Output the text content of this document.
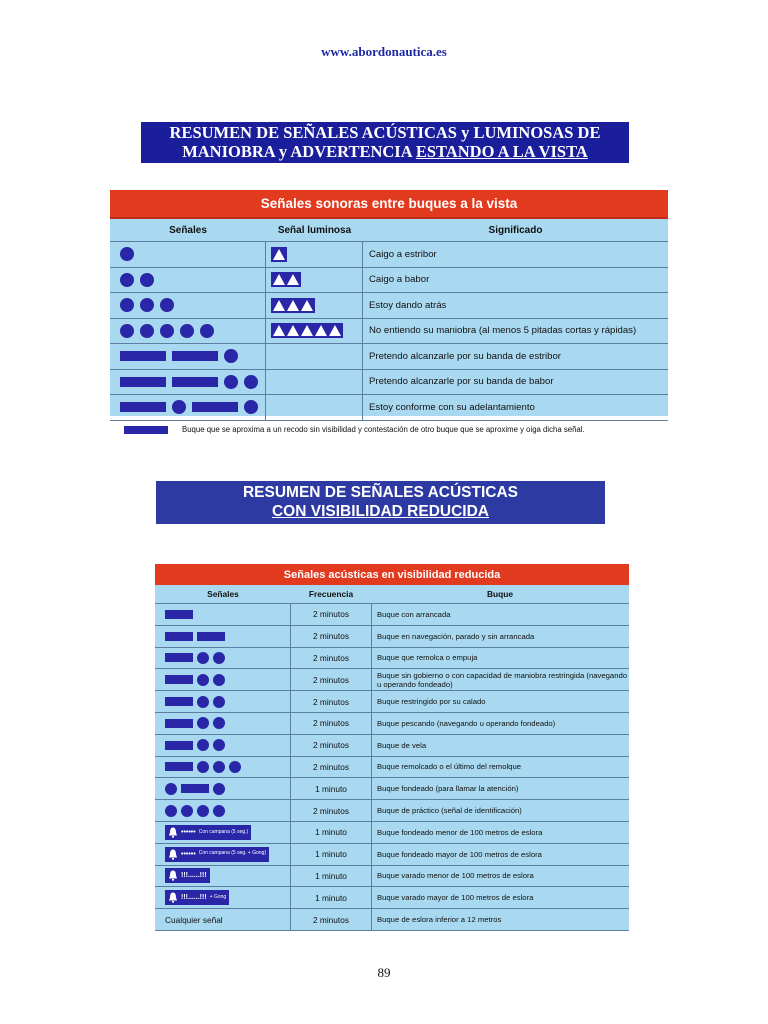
www.abordonautica.es
RESUMEN DE SEÑALES ACÚSTICAS y LUMINOSAS DE
MANIOBRA y ADVERTENCIA ESTANDO A LA VISTA
Señales sonoras entre buques a la vista
Señales	Señal luminosa	Significado
Caigo a estribor
Caigo a babor
Estoy dando atrás
No entiendo su maniobra (al menos 5 pitadas cortas y rápidas)
Pretendo alcanzarle por su banda de estribor
Pretendo alcanzarle por su banda de babor
Estoy conforme con su adelantamiento
Buque que se aproxima a un recodo sin visibilidad y contestación de otro buque que se aproxime y oiga dicha señal.
RESUMEN DE SEÑALES ACÚSTICAS
CON VISIBILIDAD REDUCIDA
Señales acústicas en visibilidad reducida
Señales	Frecuencia	Buque
2 minutos	Buque con arrancada
2 minutos	Buque en navegación, parado y sin arrancada
2 minutos	Buque que remolca o empuja
2 minutos	Buque sin gobierno o con capacidad de maniobra restringida (navegando u operando fondeado)
2 minutos	Buque restringido por su calado
2 minutos	Buque pescando (navegando u operando fondeado)
2 minutos	Buque de vela
2 minutos	Buque remolcado o el último del remolque
1 minuto	Buque fondeado (para llamar la atención)
2 minutos	Buque de práctico (señal de identificación)
•••••• Con campana (5 seg.)	1 minuto	Buque fondeado menor de 100 metros de eslora
•••••• Con campana (5 seg. + Gong)	1 minuto	Buque fondeado mayor de 100 metros de eslora
!!!......!!!	1 minuto	Buque varado menor de 100 metros de eslora
!!!......!!! + Gong	1 minuto	Buque varado mayor de 100 metros de eslora
Cualquier señal	2 minutos	Buque de eslora inferior a 12 metros
89
